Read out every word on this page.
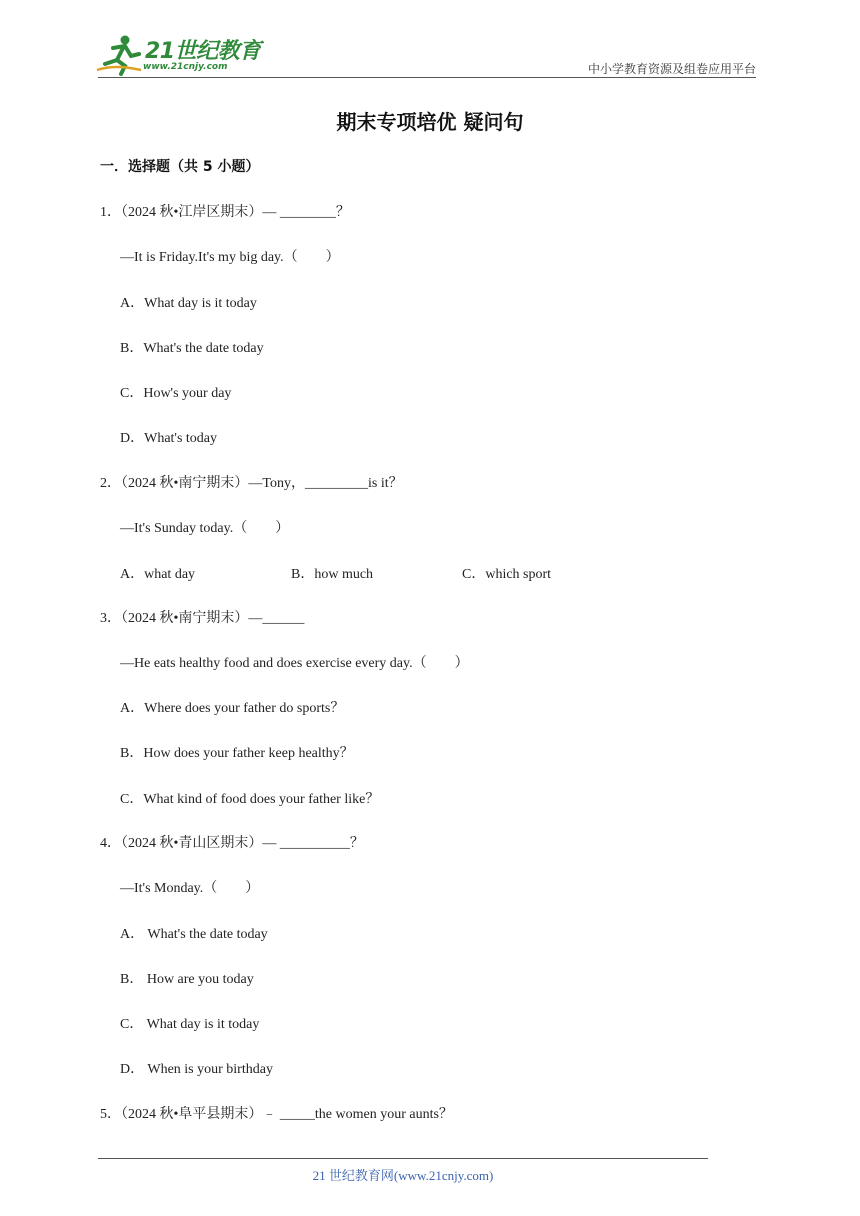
21世纪教育
www.21cnjy.com	中小学教育资源及组卷应用平台
期末专项培优 疑问句
一．选择题（共 5 小题）
1．（2024 秋•江岸区期末）— ________？
—It is Friday.It's my big day.（　　）
A．What day is it today
B．What's the date today
C．How's your day
D．What's today
2．（2024 秋•南宁期末）—Tony，_________is it？
—It's Sunday today.（　　）
A．what day	B．how much	C．which sport
3．（2024 秋•南宁期末）—______
—He eats healthy food and does exercise every day.（　　）
A．Where does your father do sports？
B．How does your father keep healthy？
C．What kind of food does your father like？
4．（2024 秋•青山区期末）— __________？
—It's Monday.（　　）
A． What's the date today
B． How are you today
C． What day is it today
D． When is your birthday
5．（2024 秋•阜平县期末）﹣ _____the women your aunts？
21 世纪教育网(www.21cnjy.com)
